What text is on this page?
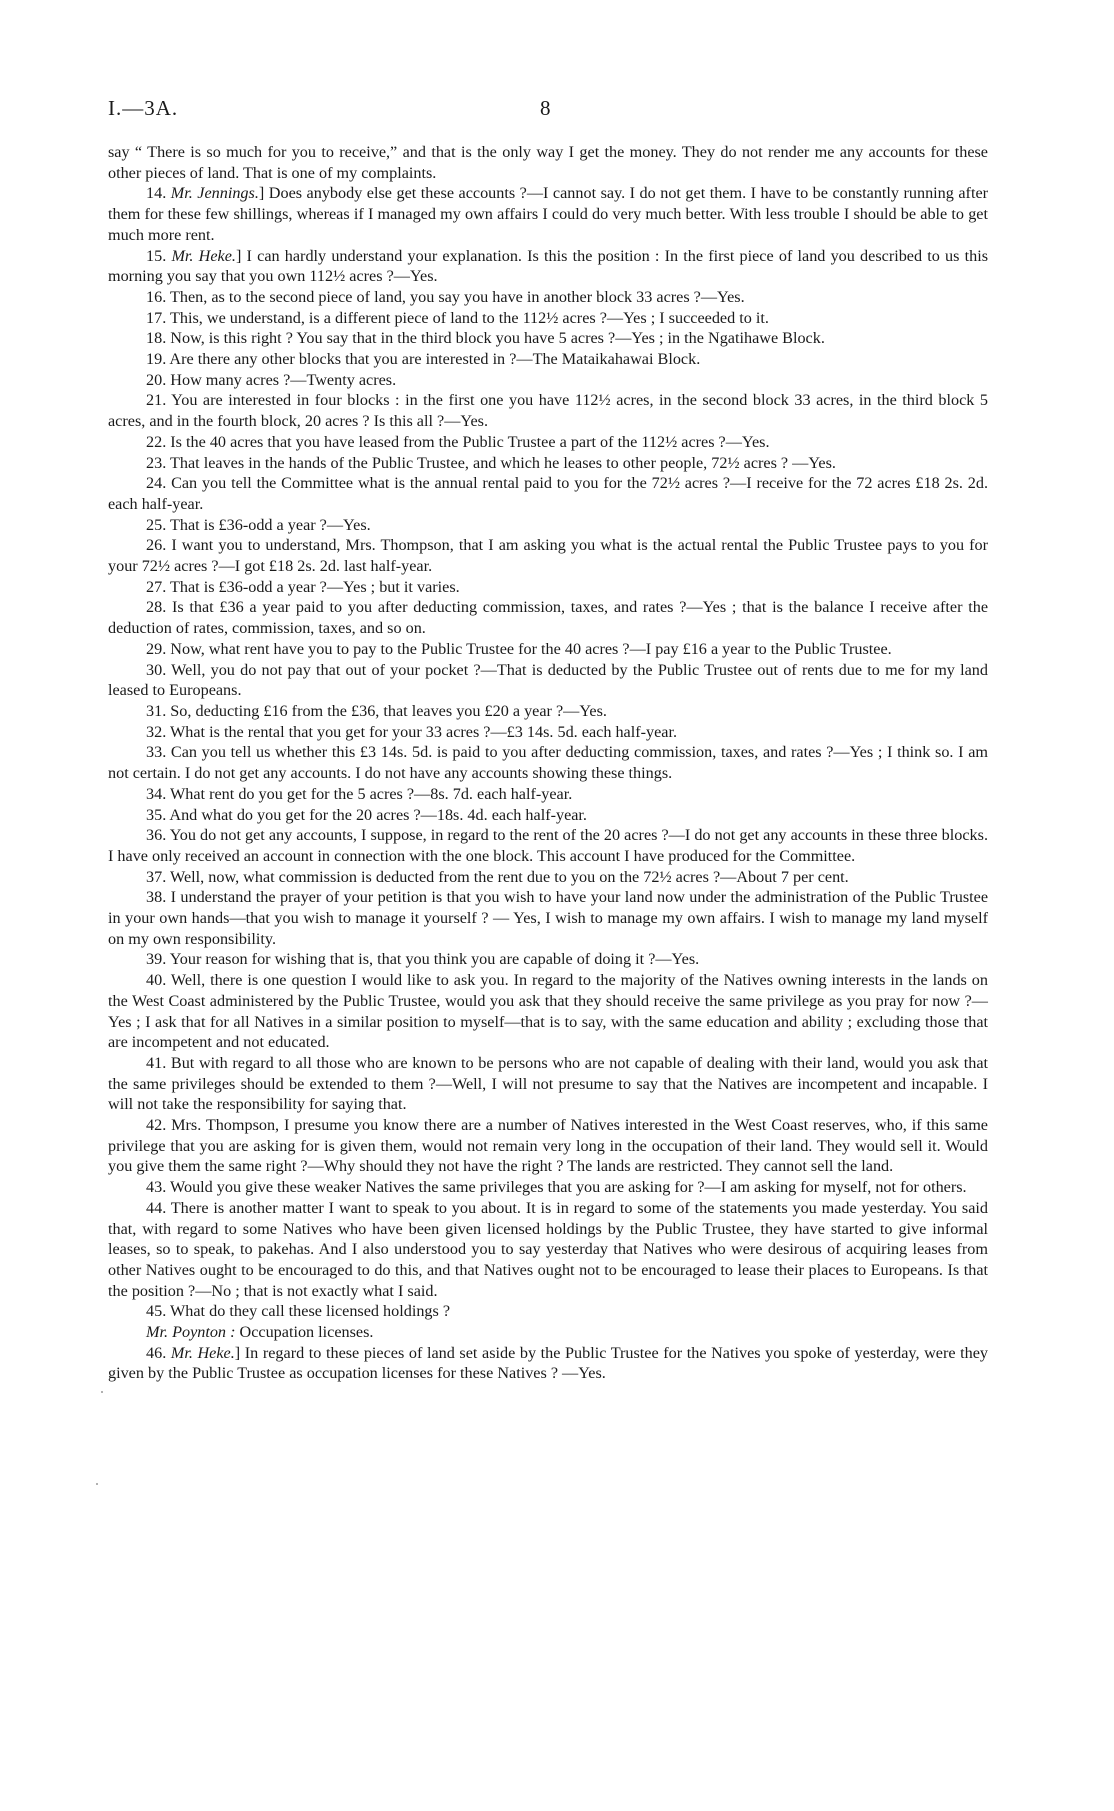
I.—3A.	8

say “ There is so much for you to receive,” and that is the only way I get the money. They do not render me any accounts for these other pieces of land. That is one of my complaints.

14. Mr. Jennings.] Does anybody else get these accounts ?—I cannot say. I do not get them. I have to be constantly running after them for these few shillings, whereas if I managed my own affairs I could do very much better. With less trouble I should be able to get much more rent.

15. Mr. Heke.] I can hardly understand your explanation. Is this the position : In the first piece of land you described to us this morning you say that you own 112½ acres ?—Yes.

16. Then, as to the second piece of land, you say you have in another block 33 acres ?—Yes.

17. This, we understand, is a different piece of land to the 112½ acres ?—Yes ; I succeeded to it.

18. Now, is this right ? You say that in the third block you have 5 acres ?—Yes ; in the Ngatihawe Block.

19. Are there any other blocks that you are interested in ?—The Mataikahawai Block.

20. How many acres ?—Twenty acres.

21. You are interested in four blocks : in the first one you have 112½ acres, in the second block 33 acres, in the third block 5 acres, and in the fourth block, 20 acres ? Is this all ?—Yes.

22. Is the 40 acres that you have leased from the Public Trustee a part of the 112½ acres ?—Yes.

23. That leaves in the hands of the Public Trustee, and which he leases to other people, 72½ acres ? —Yes.

24. Can you tell the Committee what is the annual rental paid to you for the 72½ acres ?—I receive for the 72 acres £18 2s. 2d. each half-year.

25. That is £36-odd a year ?—Yes.

26. I want you to understand, Mrs. Thompson, that I am asking you what is the actual rental the Public Trustee pays to you for your 72½ acres ?—I got £18 2s. 2d. last half-year.

27. That is £36-odd a year ?—Yes ; but it varies.

28. Is that £36 a year paid to you after deducting commission, taxes, and rates ?—Yes ; that is the balance I receive after the deduction of rates, commission, taxes, and so on.

29. Now, what rent have you to pay to the Public Trustee for the 40 acres ?—I pay £16 a year to the Public Trustee.

30. Well, you do not pay that out of your pocket ?—That is deducted by the Public Trustee out of rents due to me for my land leased to Europeans.

31. So, deducting £16 from the £36, that leaves you £20 a year ?—Yes.

32. What is the rental that you get for your 33 acres ?—£3 14s. 5d. each half-year.

33. Can you tell us whether this £3 14s. 5d. is paid to you after deducting commission, taxes, and rates ?—Yes ; I think so. I am not certain. I do not get any accounts. I do not have any accounts showing these things.

34. What rent do you get for the 5 acres ?—8s. 7d. each half-year.

35. And what do you get for the 20 acres ?—18s. 4d. each half-year.

36. You do not get any accounts, I suppose, in regard to the rent of the 20 acres ?—I do not get any accounts in these three blocks. I have only received an account in connection with the one block. This account I have produced for the Committee.

37. Well, now, what commission is deducted from the rent due to you on the 72½ acres ?—About 7 per cent.

38. I understand the prayer of your petition is that you wish to have your land now under the administration of the Public Trustee in your own hands—that you wish to manage it yourself ? — Yes, I wish to manage my own affairs. I wish to manage my land myself on my own responsibility.

39. Your reason for wishing that is, that you think you are capable of doing it ?—Yes.

40. Well, there is one question I would like to ask you. In regard to the majority of the Natives owning interests in the lands on the West Coast administered by the Public Trustee, would you ask that they should receive the same privilege as you pray for now ?—Yes ; I ask that for all Natives in a similar position to myself—that is to say, with the same education and ability ; excluding those that are incompetent and not educated.

41. But with regard to all those who are known to be persons who are not capable of dealing with their land, would you ask that the same privileges should be extended to them ?—Well, I will not presume to say that the Natives are incompetent and incapable. I will not take the responsibility for saying that.

42. Mrs. Thompson, I presume you know there are a number of Natives interested in the West Coast reserves, who, if this same privilege that you are asking for is given them, would not remain very long in the occupation of their land. They would sell it. Would you give them the same right ?—Why should they not have the right ? The lands are restricted. They cannot sell the land.

43. Would you give these weaker Natives the same privileges that you are asking for ?—I am asking for myself, not for others.

44. There is another matter I want to speak to you about. It is in regard to some of the statements you made yesterday. You said that, with regard to some Natives who have been given licensed holdings by the Public Trustee, they have started to give informal leases, so to speak, to pakehas. And I also understood you to say yesterday that Natives who were desirous of acquiring leases from other Natives ought to be encouraged to do this, and that Natives ought not to be encouraged to lease their places to Europeans. Is that the position ?—No ; that is not exactly what I said.

45. What do they call these licensed holdings ?

Mr. Poynton : Occupation licenses.

46. Mr. Heke.] In regard to these pieces of land set aside by the Public Trustee for the Natives you spoke of yesterday, were they given by the Public Trustee as occupation licenses for these Natives ? —Yes.
